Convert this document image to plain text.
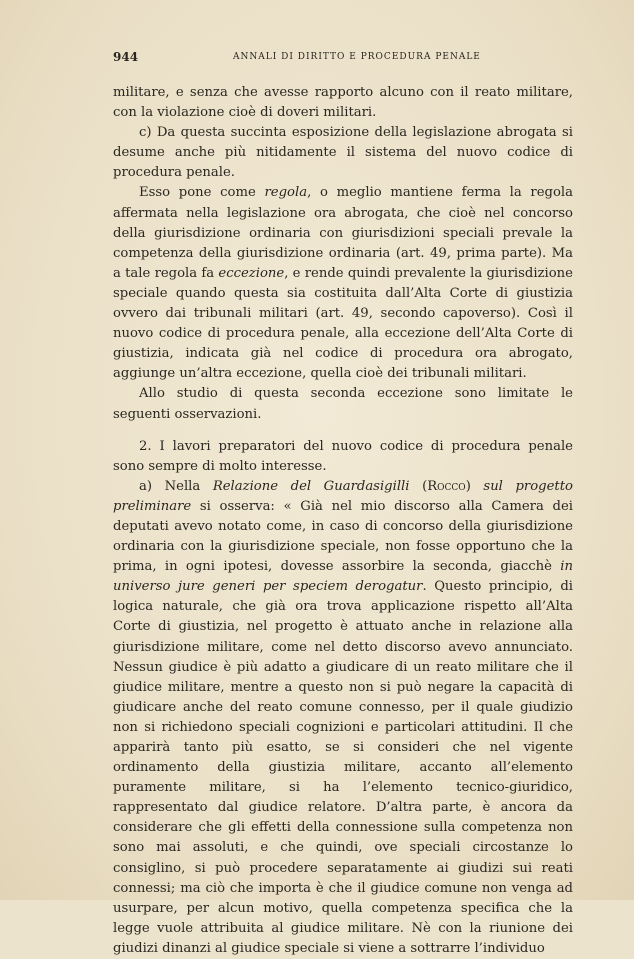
944	ANNALI DI DIRITTO E PROCEDURA PENALE

militare, e senza che avesse rapporto alcuno con il reato militare, con la violazione cioè di doveri militari.

c) Da questa succinta esposizione della legislazione abrogata si desume anche più nitidamente il sistema del nuovo codice di procedura penale.

Esso pone come regola, o meglio mantiene ferma la regola affermata nella legislazione ora abrogata, che cioè nel concorso della giurisdizione ordinaria con giurisdizioni speciali prevale la competenza della giurisdizione ordinaria (art. 49, prima parte). Ma a tale regola fa eccezione, e rende quindi prevalente la giurisdizione speciale quando questa sia costituita dall’Alta Corte di giustizia ovvero dai tribunali militari (art. 49, secondo capoverso). Così il nuovo codice di procedura penale, alla eccezione dell’Alta Corte di giustizia, indicata già nel codice di procedura ora abrogato, aggiunge un’altra eccezione, quella cioè dei tribunali militari.

Allo studio di questa seconda eccezione sono limitate le seguenti osservazioni.

2. I lavori preparatori del nuovo codice di procedura penale sono sempre di molto interesse.

a) Nella Relazione del Guardasigilli (Rocco) sul progetto preliminare si osserva: « Già nel mio discorso alla Camera dei deputati avevo notato come, in caso di concorso della giurisdizione ordinaria con la giurisdizione speciale, non fosse opportuno che la prima, in ogni ipotesi, dovesse assorbire la seconda, giacchè in universo jure generi per speciem derogatur. Questo principio, di logica naturale, che già ora trova applicazione rispetto all’Alta Corte di giustizia, nel progetto è attuato anche in relazione alla giurisdizione militare, come nel detto discorso avevo annunciato. Nessun giudice è più adatto a giudicare di un reato militare che il giudice militare, mentre a questo non si può negare la capacità di giudicare anche del reato comune connesso, per il quale giudizio non si richiedono speciali cognizioni e particolari attitudini. Il che apparirà tanto più esatto, se si consideri che nel vigente ordinamento della giustizia militare, accanto all’elemento puramente militare, si ha l’elemento tecnico-giuridico, rappresentato dal giudice relatore. D’altra parte, è ancora da considerare che gli effetti della connessione sulla competenza non sono mai assoluti, e che quindi, ove speciali circostanze lo consiglino, si può procedere separatamente ai giudizi sui reati connessi; ma ciò che importa è che il giudice comune non venga ad usurpare, per alcun motivo, quella competenza specifica che la legge vuole attribuita al giudice militare. Nè con la riunione dei giudizi dinanzi al giudice speciale si viene a sottrarre l’individuo
